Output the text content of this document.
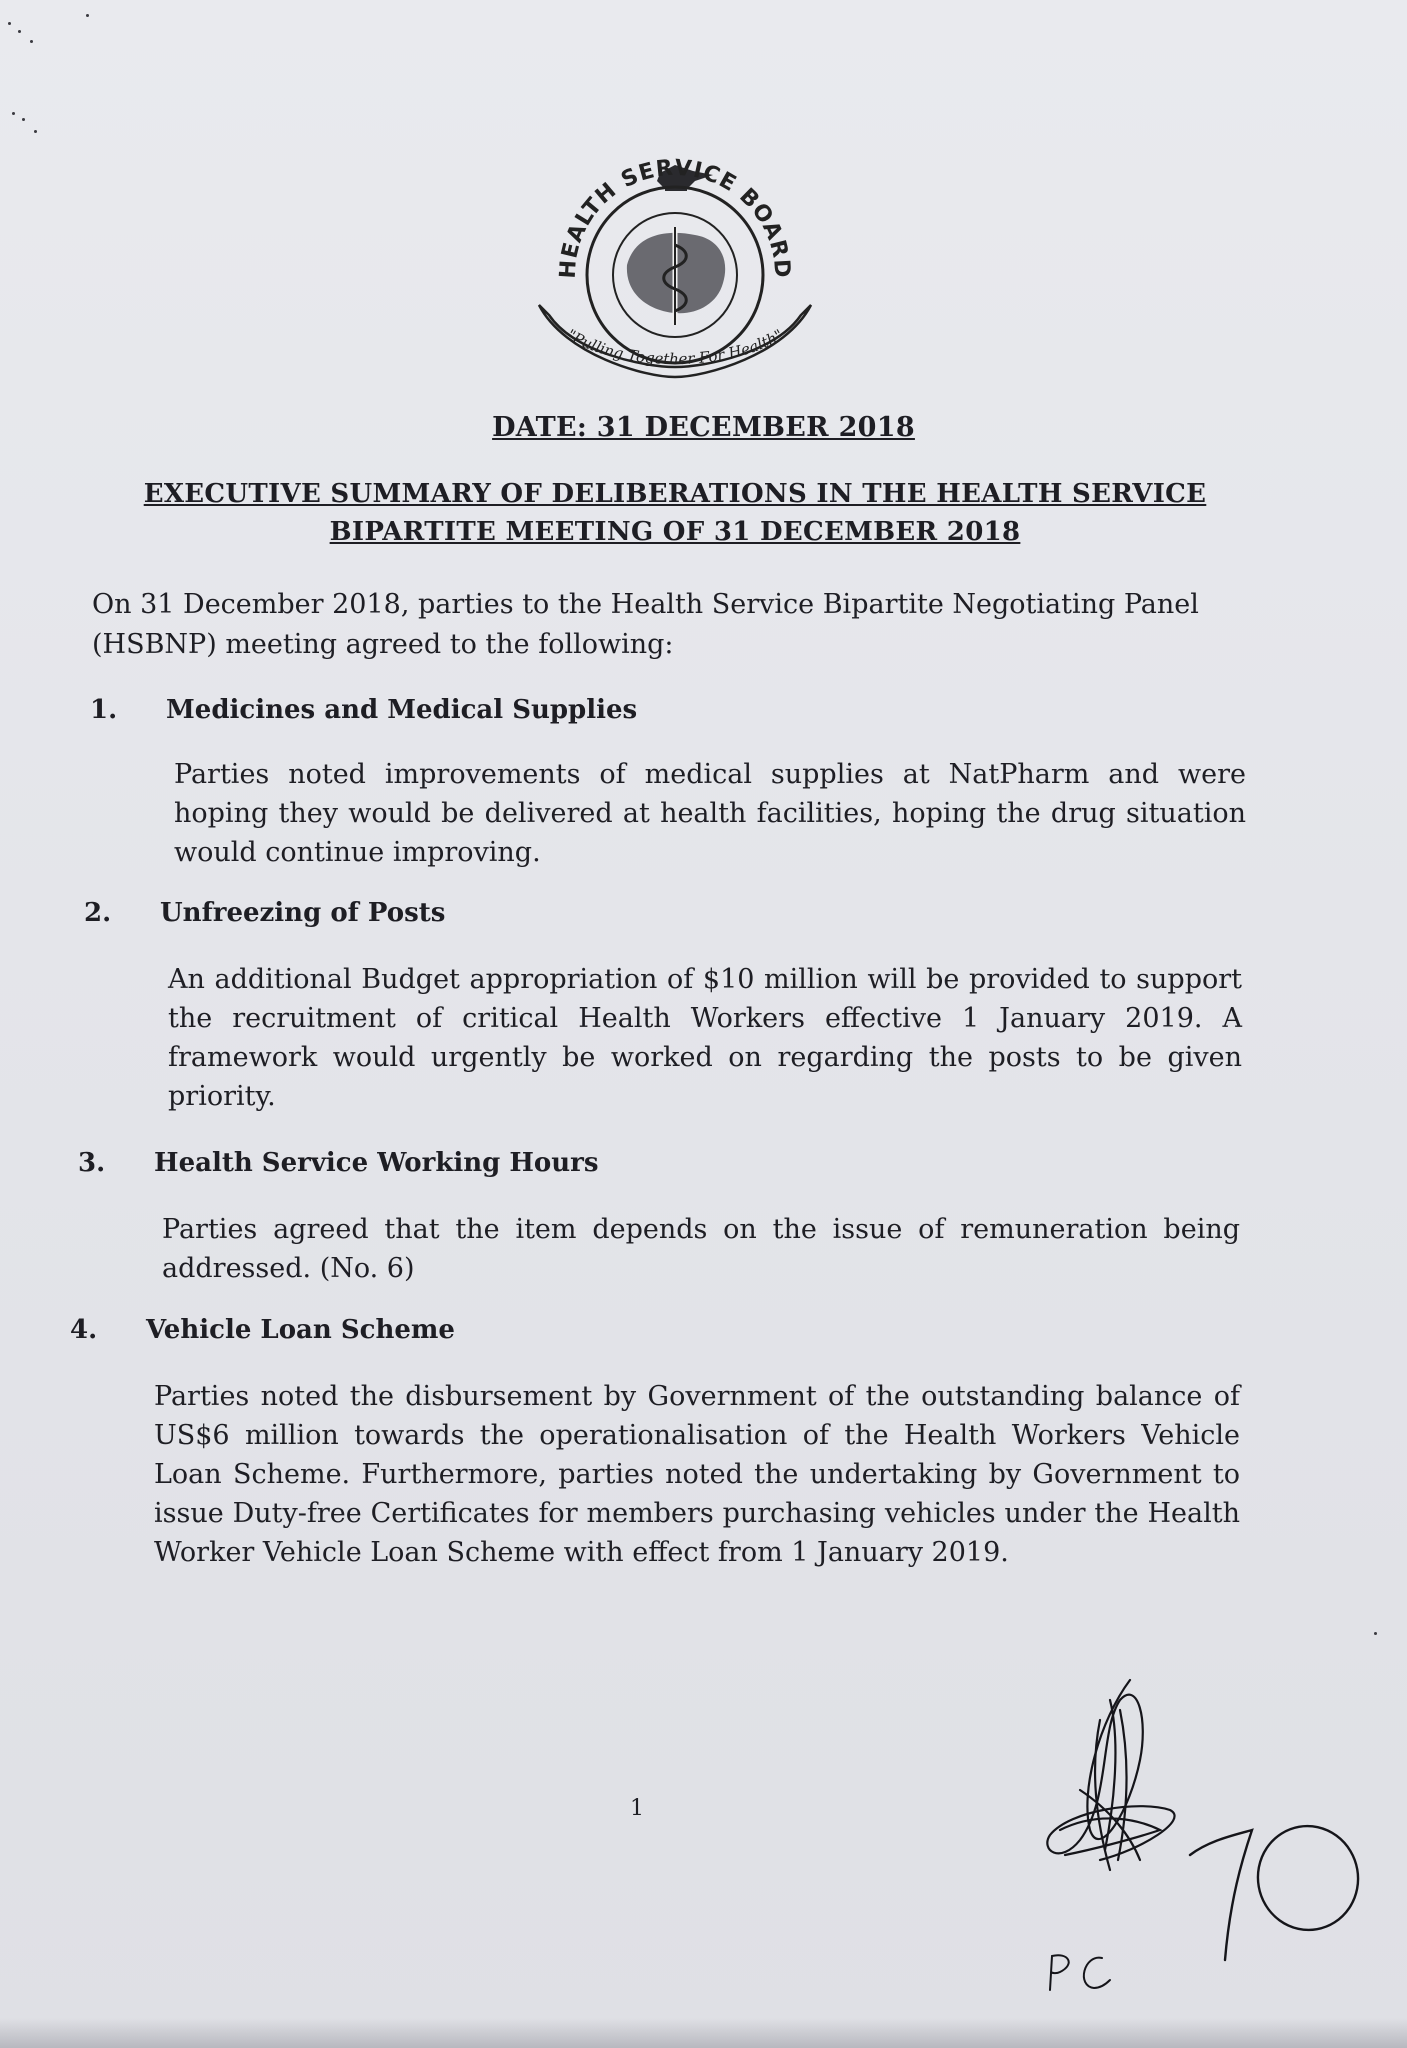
HEALTH SERVICE BOARD
"Pulling Together For Health"
DATE: 31 DECEMBER 2018
EXECUTIVE SUMMARY OF DELIBERATIONS IN THE HEALTH SERVICE
BIPARTITE MEETING OF 31 DECEMBER 2018
On 31 December 2018, parties to the Health Service Bipartite Negotiating Panel (HSBNP) meeting agreed to the following:
1. Medicines and Medical Supplies
Parties noted improvements of medical supplies at NatPharm and were hoping they would be delivered at health facilities, hoping the drug situation would continue improving.
2. Unfreezing of Posts
An additional Budget appropriation of $10 million will be provided to support the recruitment of critical Health Workers effective 1 January 2019. A framework would urgently be worked on regarding the posts to be given priority.
3. Health Service Working Hours
Parties agreed that the item depends on the issue of remuneration being addressed. (No. 6)
4. Vehicle Loan Scheme
Parties noted the disbursement by Government of the outstanding balance of US$6 million towards the operationalisation of the Health Workers Vehicle Loan Scheme. Furthermore, parties noted the undertaking by Government to issue Duty-free Certificates for members purchasing vehicles under the Health Worker Vehicle Loan Scheme with effect from 1 January 2019.
1	70
PC
